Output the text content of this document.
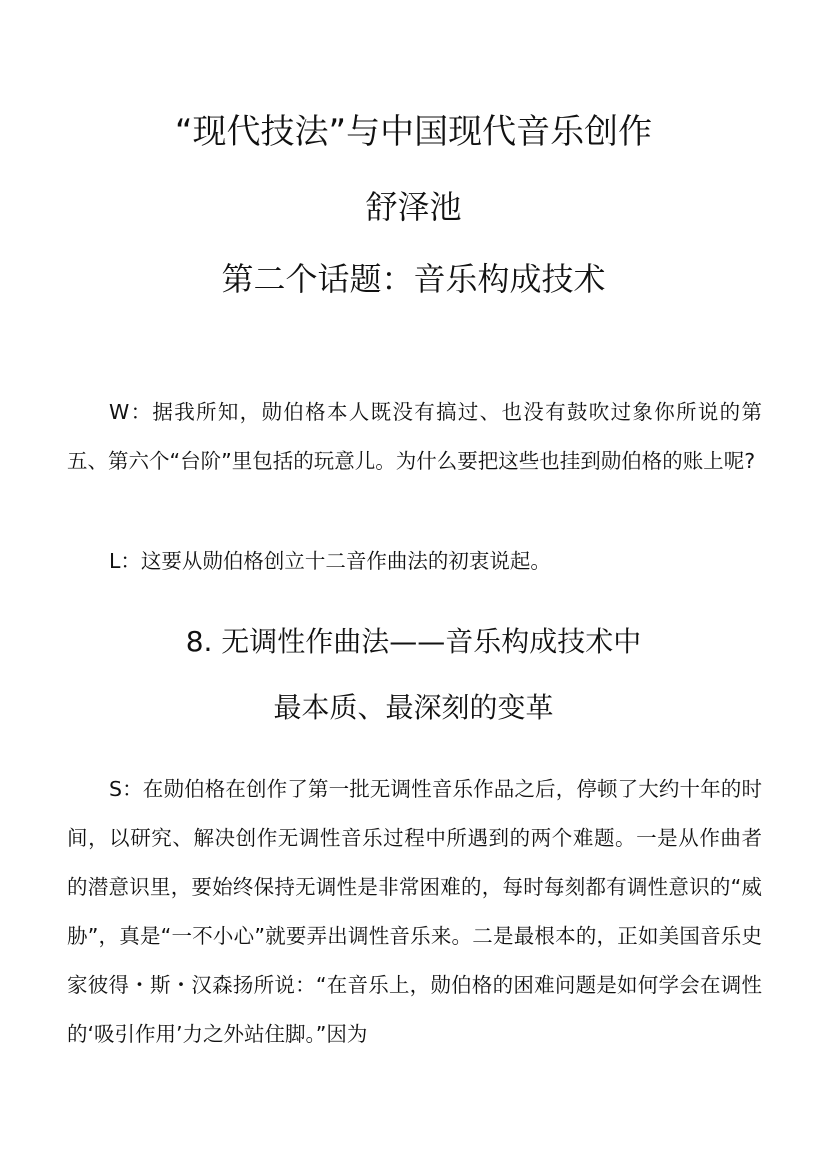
“现代技法”与中国现代音乐创作
舒泽池
第二个话题：音乐构成技术

W：据我所知，勋伯格本人既没有搞过、也没有鼓吹过象你所说的第五、第六个“台阶”里包括的玩意儿。为什么要把这些也挂到勋伯格的账上呢?

L：这要从勋伯格创立十二音作曲法的初衷说起。

8. 无调性作曲法——音乐构成技术中
最本质、最深刻的变革

S：在勋伯格在创作了第一批无调性音乐作品之后，停顿了大约十年的时间，以研究、解决创作无调性音乐过程中所遇到的两个难题。一是从作曲者的潜意识里，要始终保持无调性是非常困难的，每时每刻都有调性意识的“威胁”，真是“一不小心”就要弄出调性音乐来。二是最根本的，正如美国音乐史家彼得・斯・汉森扬所说：“在音乐上，勋伯格的困难问题是如何学会在调性的‘吸引作用’力之外站住脚。”因为
